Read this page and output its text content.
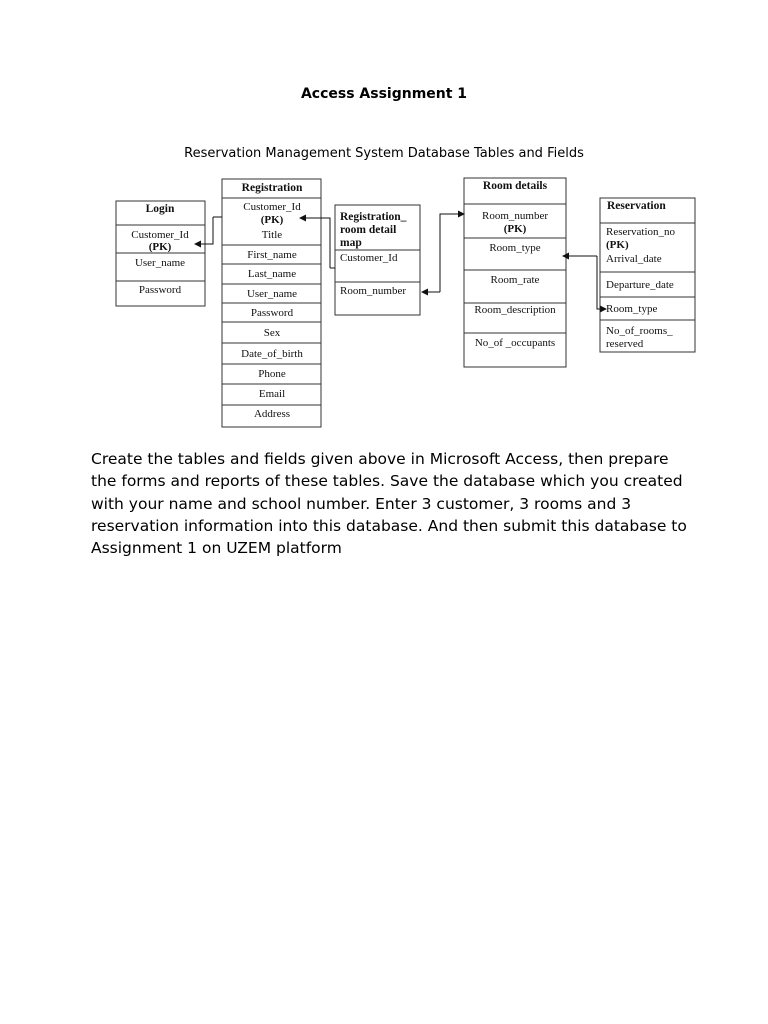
Access Assignment 1
Reservation Management System Database Tables and Fields
Login
Customer_Id
(PK)
User_name
Password
Registration
Customer_Id
(PK)
Title
First_name
Last_name
User_name
Password
Sex
Date_of_birth
Phone
Email
Address
Registration_
room detail
map
Customer_Id
Room_number
Room details
Room_number
(PK)
Room_type
Room_rate
Room_description
No_of _occupants
Reservation
Reservation_no
(PK)
Arrival_date
Departure_date
Room_type
No_of_rooms_
reserved
Create the tables and fields given above in Microsoft Access, then prepare the forms and reports of these tables. Save the database which you created with your name and school number. Enter 3 customer, 3 rooms and 3 reservation information into this database. And then submit this database to Assignment 1 on UZEM platform
